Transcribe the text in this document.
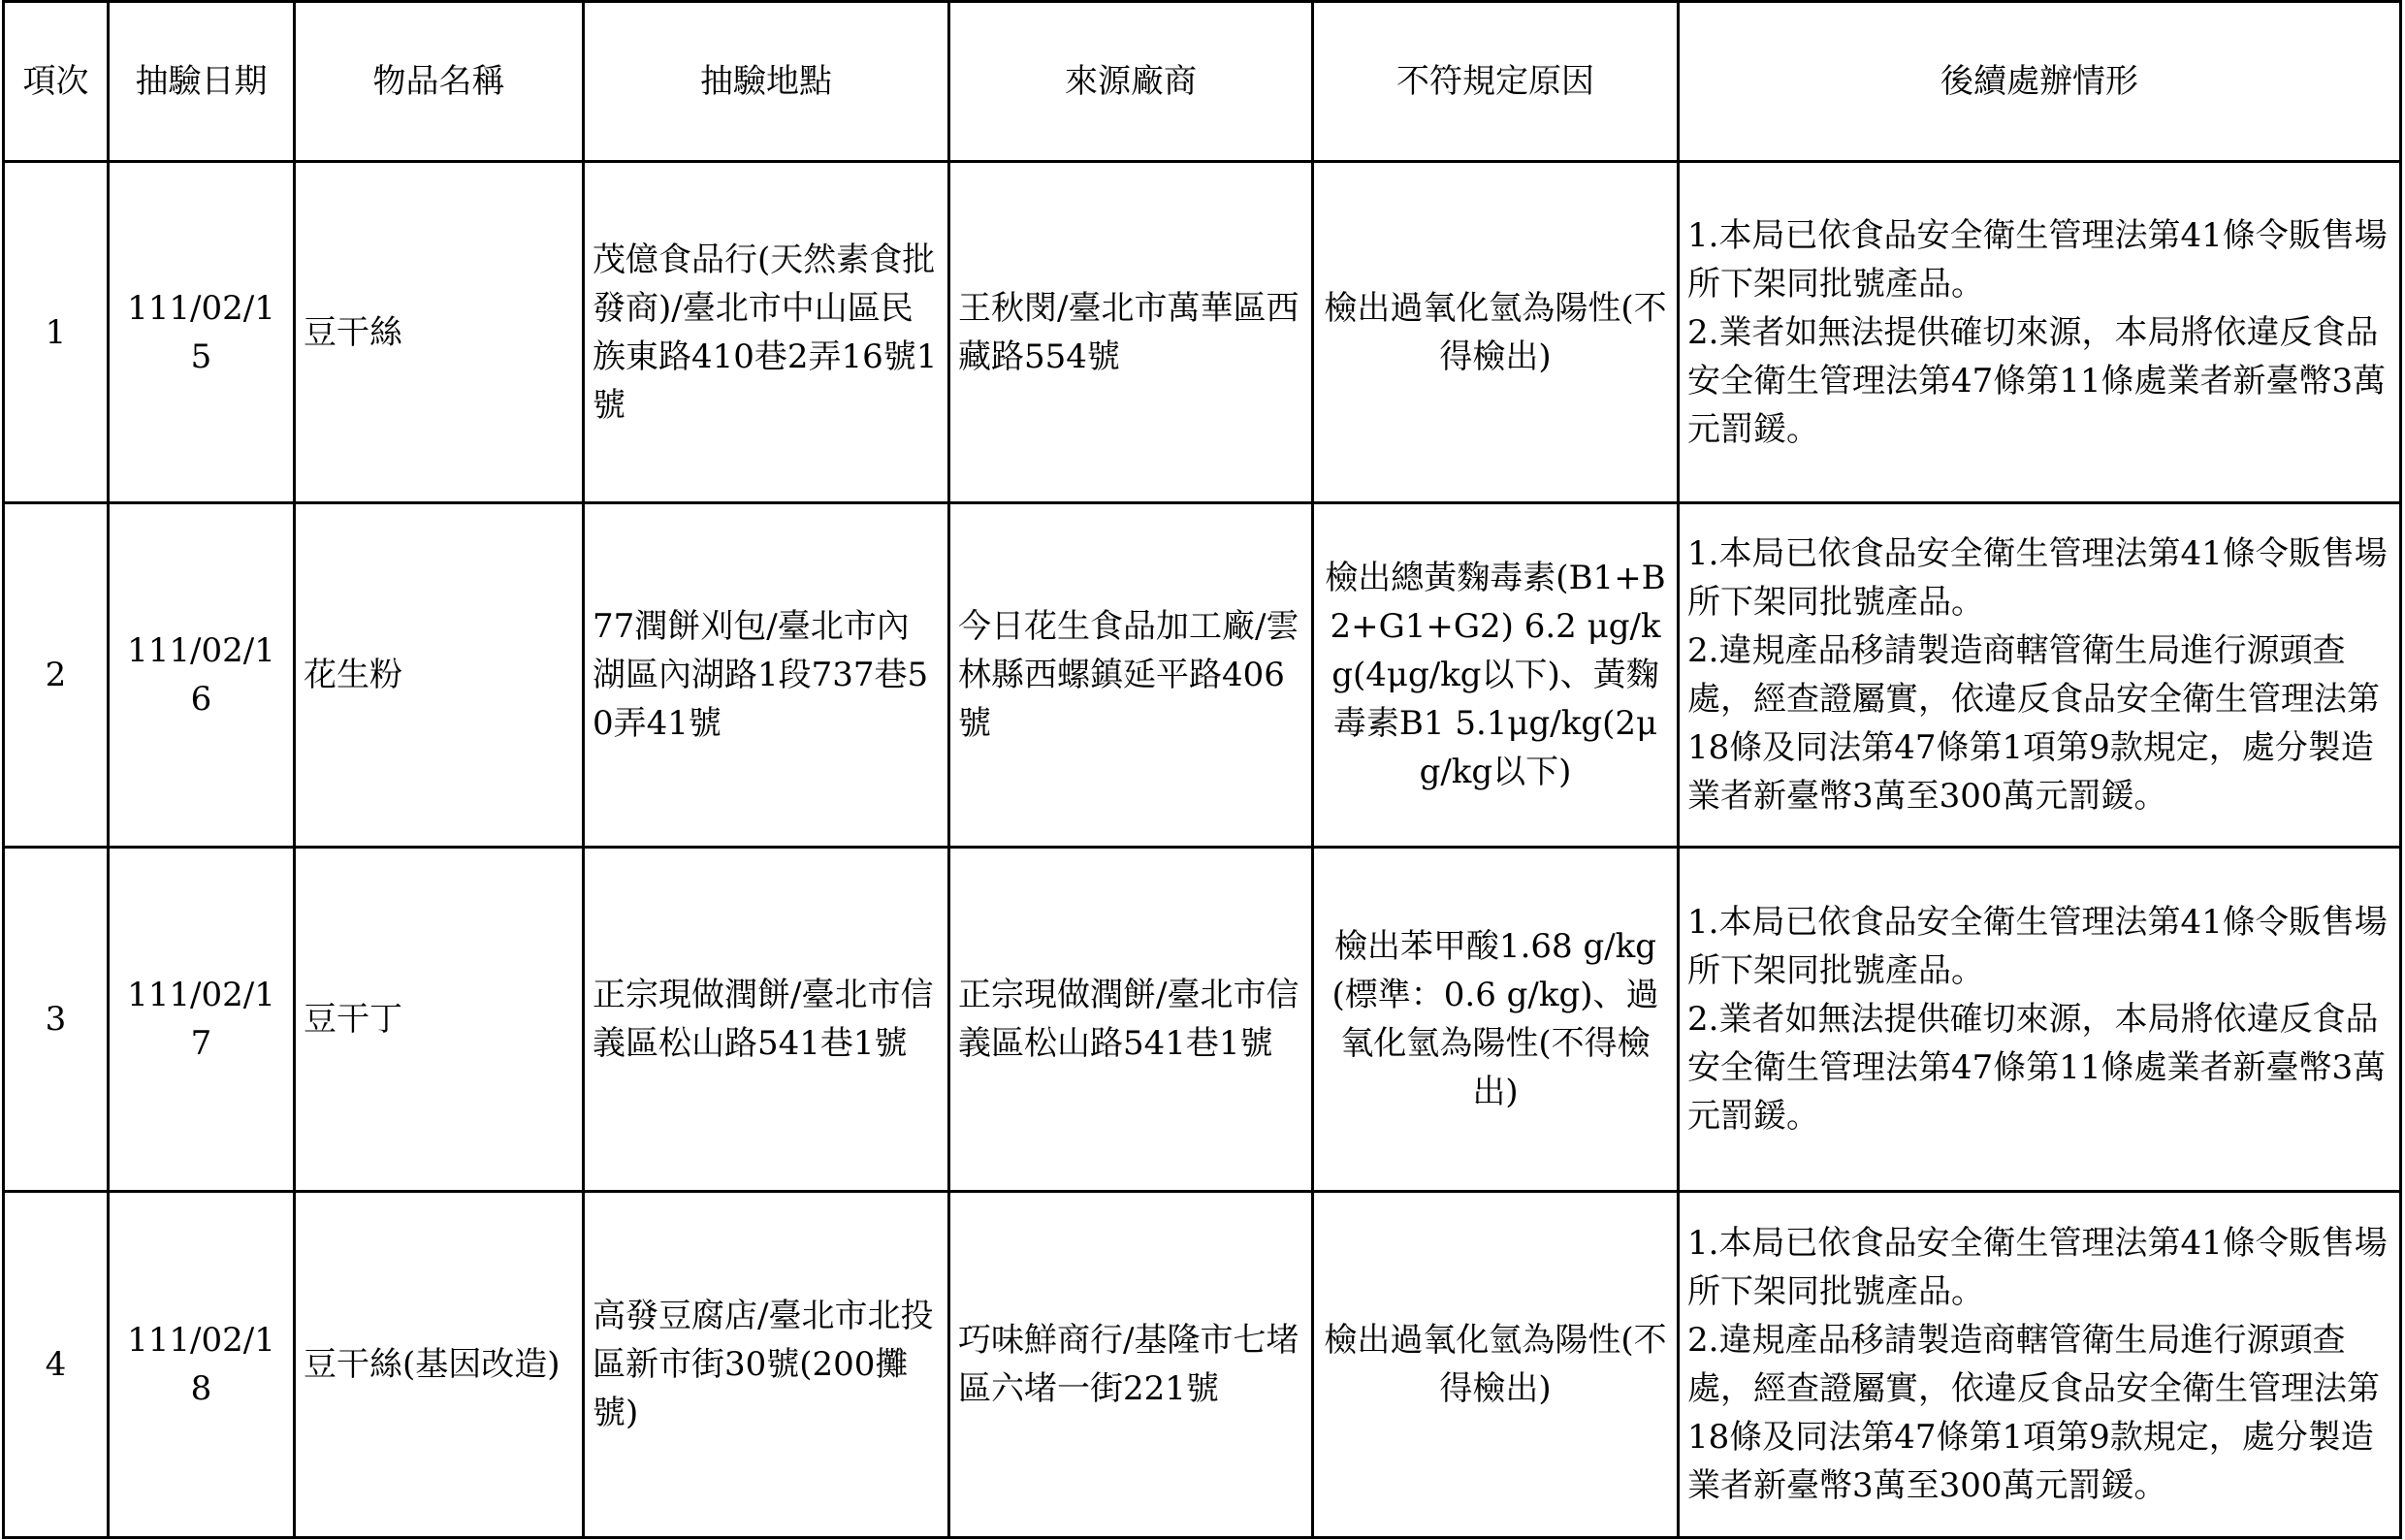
項次	抽驗日期	物品名稱	抽驗地點	來源廠商	不符規定原因	後續處辦情形
1	111/02/15	豆干絲	茂億食品行(天然素食批發商)/臺北市中山區民族東路410巷2弄16號1號	王秋閔/臺北市萬華區西藏路554號	檢出過氧化氫為陽性(不得檢出)	1.本局已依食品安全衛生管理法第41條令販售場所下架同批號產品。
2.業者如無法提供確切來源，本局將依違反食品安全衛生管理法第47條第11條處業者新臺幣3萬元罰鍰。

2	111/02/16	花生粉	77潤餅刈包/臺北市內湖區內湖路1段737巷50弄41號	今日花生食品加工廠/雲林縣西螺鎮延平路406號	檢出總黃麴毒素(B1+B2+G1+G2) 6.2 μg/kg(4μg/kg以下)、黃麴毒素B1 5.1μg/kg(2μg/kg以下)	1.本局已依食品安全衛生管理法第41條令販售場所下架同批號產品。
2.違規產品移請製造商轄管衛生局進行源頭查處，經查證屬實，依違反食品安全衛生管理法第18條及同法第47條第1項第9款規定，處分製造業者新臺幣3萬至300萬元罰鍰。

3	111/02/17	豆干丁	正宗現做潤餅/臺北市信義區松山路541巷1號	正宗現做潤餅/臺北市信義區松山路541巷1號	檢出苯甲酸1.68 g/kg(標準：0.6 g/kg)、過氧化氫為陽性(不得檢出)	1.本局已依食品安全衛生管理法第41條令販售場所下架同批號產品。
2.業者如無法提供確切來源，本局將依違反食品安全衛生管理法第47條第11條處業者新臺幣3萬元罰鍰。

4	111/02/18	豆干絲(基因改造)	高發豆腐店/臺北市北投區新市街30號(200攤號)	巧味鮮商行/基隆市七堵區六堵一街221號	檢出過氧化氫為陽性(不得檢出)	1.本局已依食品安全衛生管理法第41條令販售場所下架同批號產品。
2.違規產品移請製造商轄管衛生局進行源頭查處，經查證屬實，依違反食品安全衛生管理法第18條及同法第47條第1項第9款規定，處分製造業者新臺幣3萬至300萬元罰鍰。
